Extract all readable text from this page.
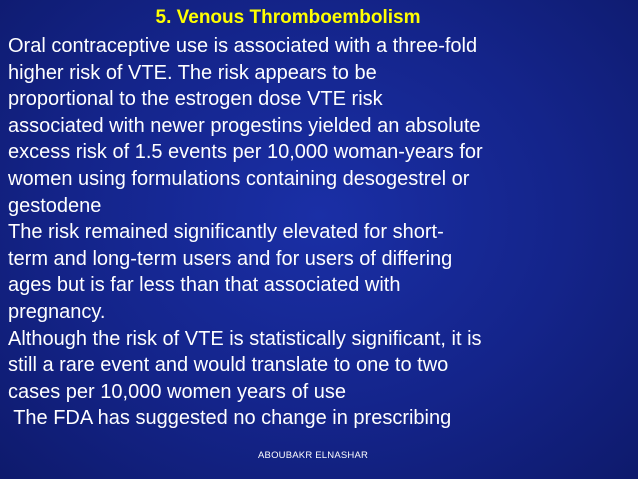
5. Venous Thromboembolism
Oral contraceptive use is associated with a three-fold
higher risk of VTE. The risk appears to be
proportional to the estrogen dose VTE risk
associated with newer progestins yielded an absolute
excess risk of 1.5 events per 10,000 woman-years for
women using formulations containing desogestrel or
gestodene
The risk remained significantly elevated for short-
term and long-term users and for users of differing
ages but is far less than that associated with
pregnancy.
Although the risk of VTE is statistically significant, it is
still a rare event and would translate to one to two
cases per 10,000 women years of use
The FDA has suggested no change in prescribing
ABOUBAKR ELNASHAR
